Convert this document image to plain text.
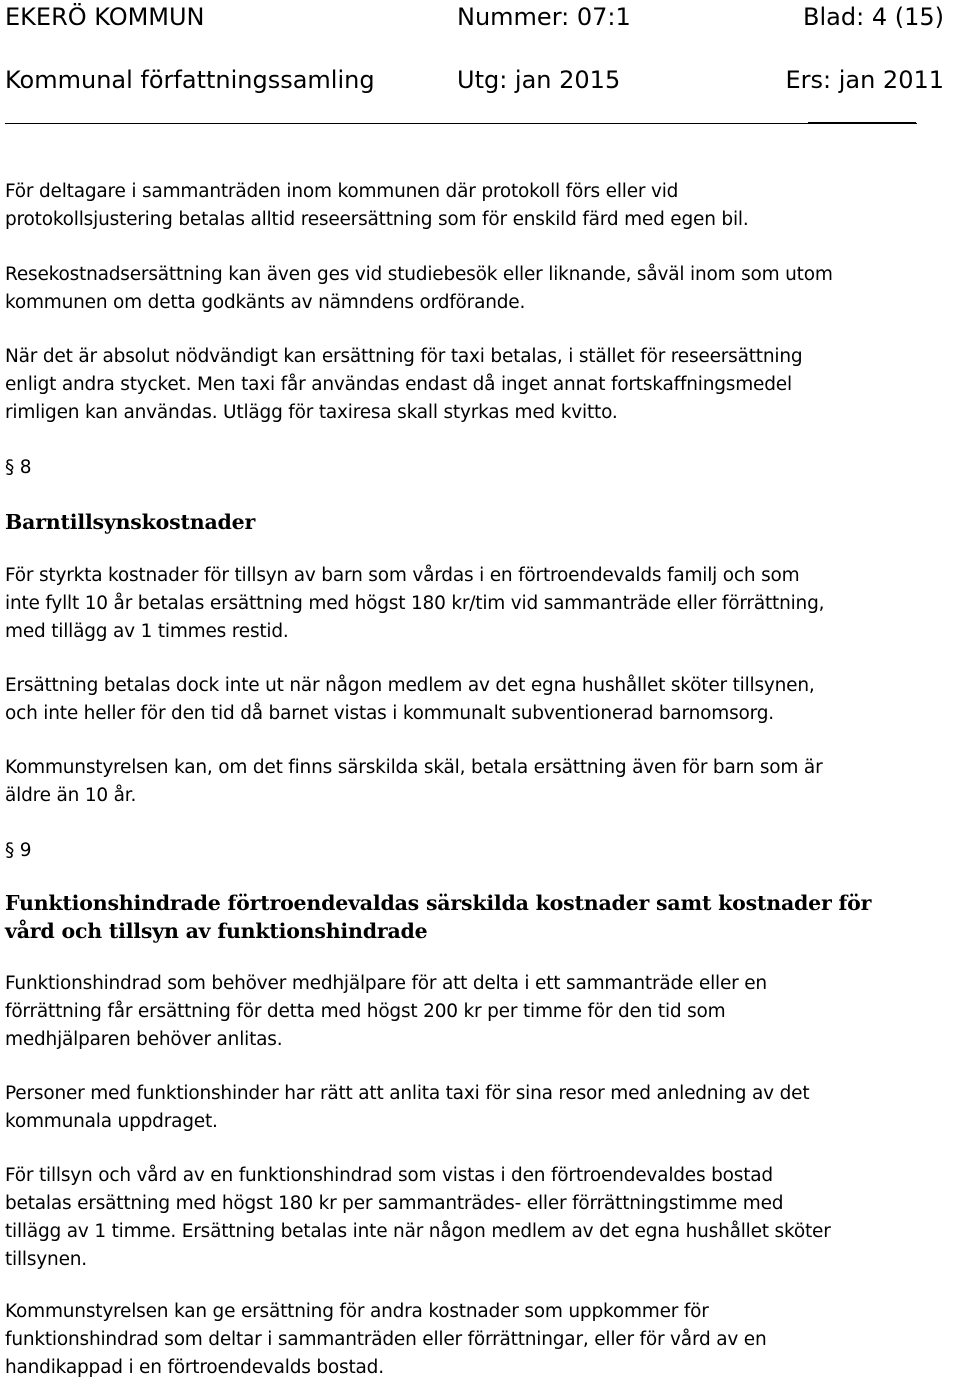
EKERÖ KOMMUN	Nummer: 07:1	Blad: 4 (15)
Kommunal författningssamling	Utg: jan 2015	Ers: jan 2011
För deltagare i sammanträden inom kommunen där protokoll förs eller vid
protokollsjustering betalas alltid reseersättning som för enskild färd med egen bil.
Resekostnadsersättning kan även ges vid studiebesök eller liknande, såväl inom som utom
kommunen om detta godkänts av nämndens ordförande.
När det är absolut nödvändigt kan ersättning för taxi betalas, i stället för reseersättning
enligt andra stycket. Men taxi får användas endast då inget annat fortskaffningsmedel
rimligen kan användas. Utlägg för taxiresa skall styrkas med kvitto.
§ 8
Barntillsynskostnader
För styrkta kostnader för tillsyn av barn som vårdas i en förtroendevalds familj och som
inte fyllt 10 år betalas ersättning med högst 180 kr/tim vid sammanträde eller förrättning,
med tillägg av 1 timmes restid.
Ersättning betalas dock inte ut när någon medlem av det egna hushållet sköter tillsynen,
och inte heller för den tid då barnet vistas i kommunalt subventionerad barnomsorg.
Kommunstyrelsen kan, om det finns särskilda skäl, betala ersättning även för barn som är
äldre än 10 år.
§ 9
Funktionshindrade förtroendevaldas särskilda kostnader samt kostnader för
vård och tillsyn av funktionshindrade
Funktionshindrad som behöver medhjälpare för att delta i ett sammanträde eller en
förrättning får ersättning för detta med högst 200 kr per timme för den tid som
medhjälparen behöver anlitas.
Personer med funktionshinder har rätt att anlita taxi för sina resor med anledning av det
kommunala uppdraget.
För tillsyn och vård av en funktionshindrad som vistas i den förtroendevaldes bostad
betalas ersättning med högst 180 kr per sammanträdes- eller förrättningstimme med
tillägg av 1 timme. Ersättning betalas inte när någon medlem av det egna hushållet sköter
tillsynen.
Kommunstyrelsen kan ge ersättning för andra kostnader som uppkommer för
funktionshindrad som deltar i sammanträden eller förrättningar, eller för vård av en
handikappad i en förtroendevalds bostad.
